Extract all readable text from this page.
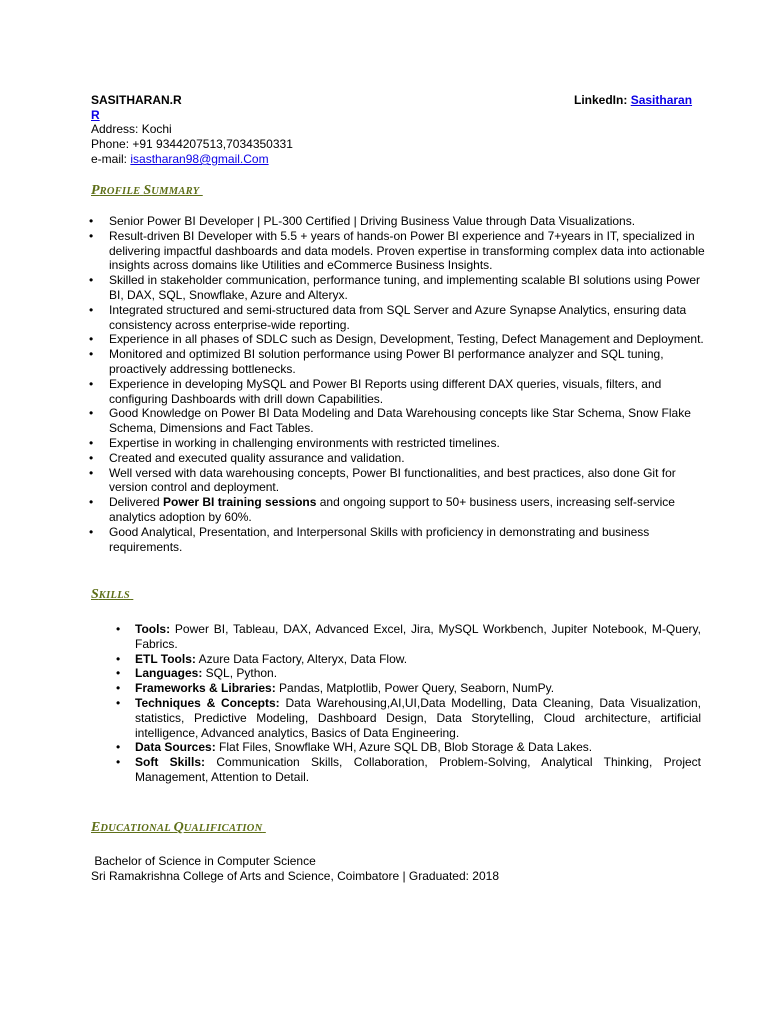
SASITHARAN.R	LinkedIn: Sasitharan
R
Address: Kochi
Phone: +91 9344207513,7034350331
e-mail: isastharan98@gmail.Com
PROFILE SUMMARY
• Senior Power BI Developer | PL-300 Certified | Driving Business Value through Data Visualizations.
• Result-driven BI Developer with 5.5 + years of hands-on Power BI experience and 7+years in IT, specialized in delivering impactful dashboards and data models. Proven expertise in transforming complex data into actionable insights across domains like Utilities and eCommerce Business Insights.
• Skilled in stakeholder communication, performance tuning, and implementing scalable BI solutions using Power BI, DAX, SQL, Snowflake, Azure and Alteryx.
• Integrated structured and semi-structured data from SQL Server and Azure Synapse Analytics, ensuring data consistency across enterprise-wide reporting.
• Experience in all phases of SDLC such as Design, Development, Testing, Defect Management and Deployment.
• Monitored and optimized BI solution performance using Power BI performance analyzer and SQL tuning, proactively addressing bottlenecks.
• Experience in developing MySQL and Power BI Reports using different DAX queries, visuals, filters, and configuring Dashboards with drill down Capabilities.
• Good Knowledge on Power BI Data Modeling and Data Warehousing concepts like Star Schema, Snow Flake Schema, Dimensions and Fact Tables.
• Expertise in working in challenging environments with restricted timelines.
• Created and executed quality assurance and validation.
• Well versed with data warehousing concepts, Power BI functionalities, and best practices, also done Git for version control and deployment.
• Delivered Power BI training sessions and ongoing support to 50+ business users, increasing self-service analytics adoption by 60%.
• Good Analytical, Presentation, and Interpersonal Skills with proficiency in demonstrating and business requirements.
SKILLS
• Tools: Power BI, Tableau, DAX, Advanced Excel, Jira, MySQL Workbench, Jupiter Notebook, M-Query, Fabrics.
• ETL Tools: Azure Data Factory, Alteryx, Data Flow.
• Languages: SQL, Python.
• Frameworks & Libraries: Pandas, Matplotlib, Power Query, Seaborn, NumPy.
• Techniques & Concepts: Data Warehousing,AI,UI,Data Modelling, Data Cleaning, Data Visualization, statistics, Predictive Modeling, Dashboard Design, Data Storytelling, Cloud architecture, artificial intelligence, Advanced analytics, Basics of Data Engineering.
• Data Sources: Flat Files, Snowflake WH, Azure SQL DB, Blob Storage & Data Lakes.
• Soft Skills: Communication Skills, Collaboration, Problem-Solving, Analytical Thinking, Project Management, Attention to Detail.
EDUCATIONAL QUALIFICATION
Bachelor of Science in Computer Science
Sri Ramakrishna College of Arts and Science, Coimbatore | Graduated: 2018
